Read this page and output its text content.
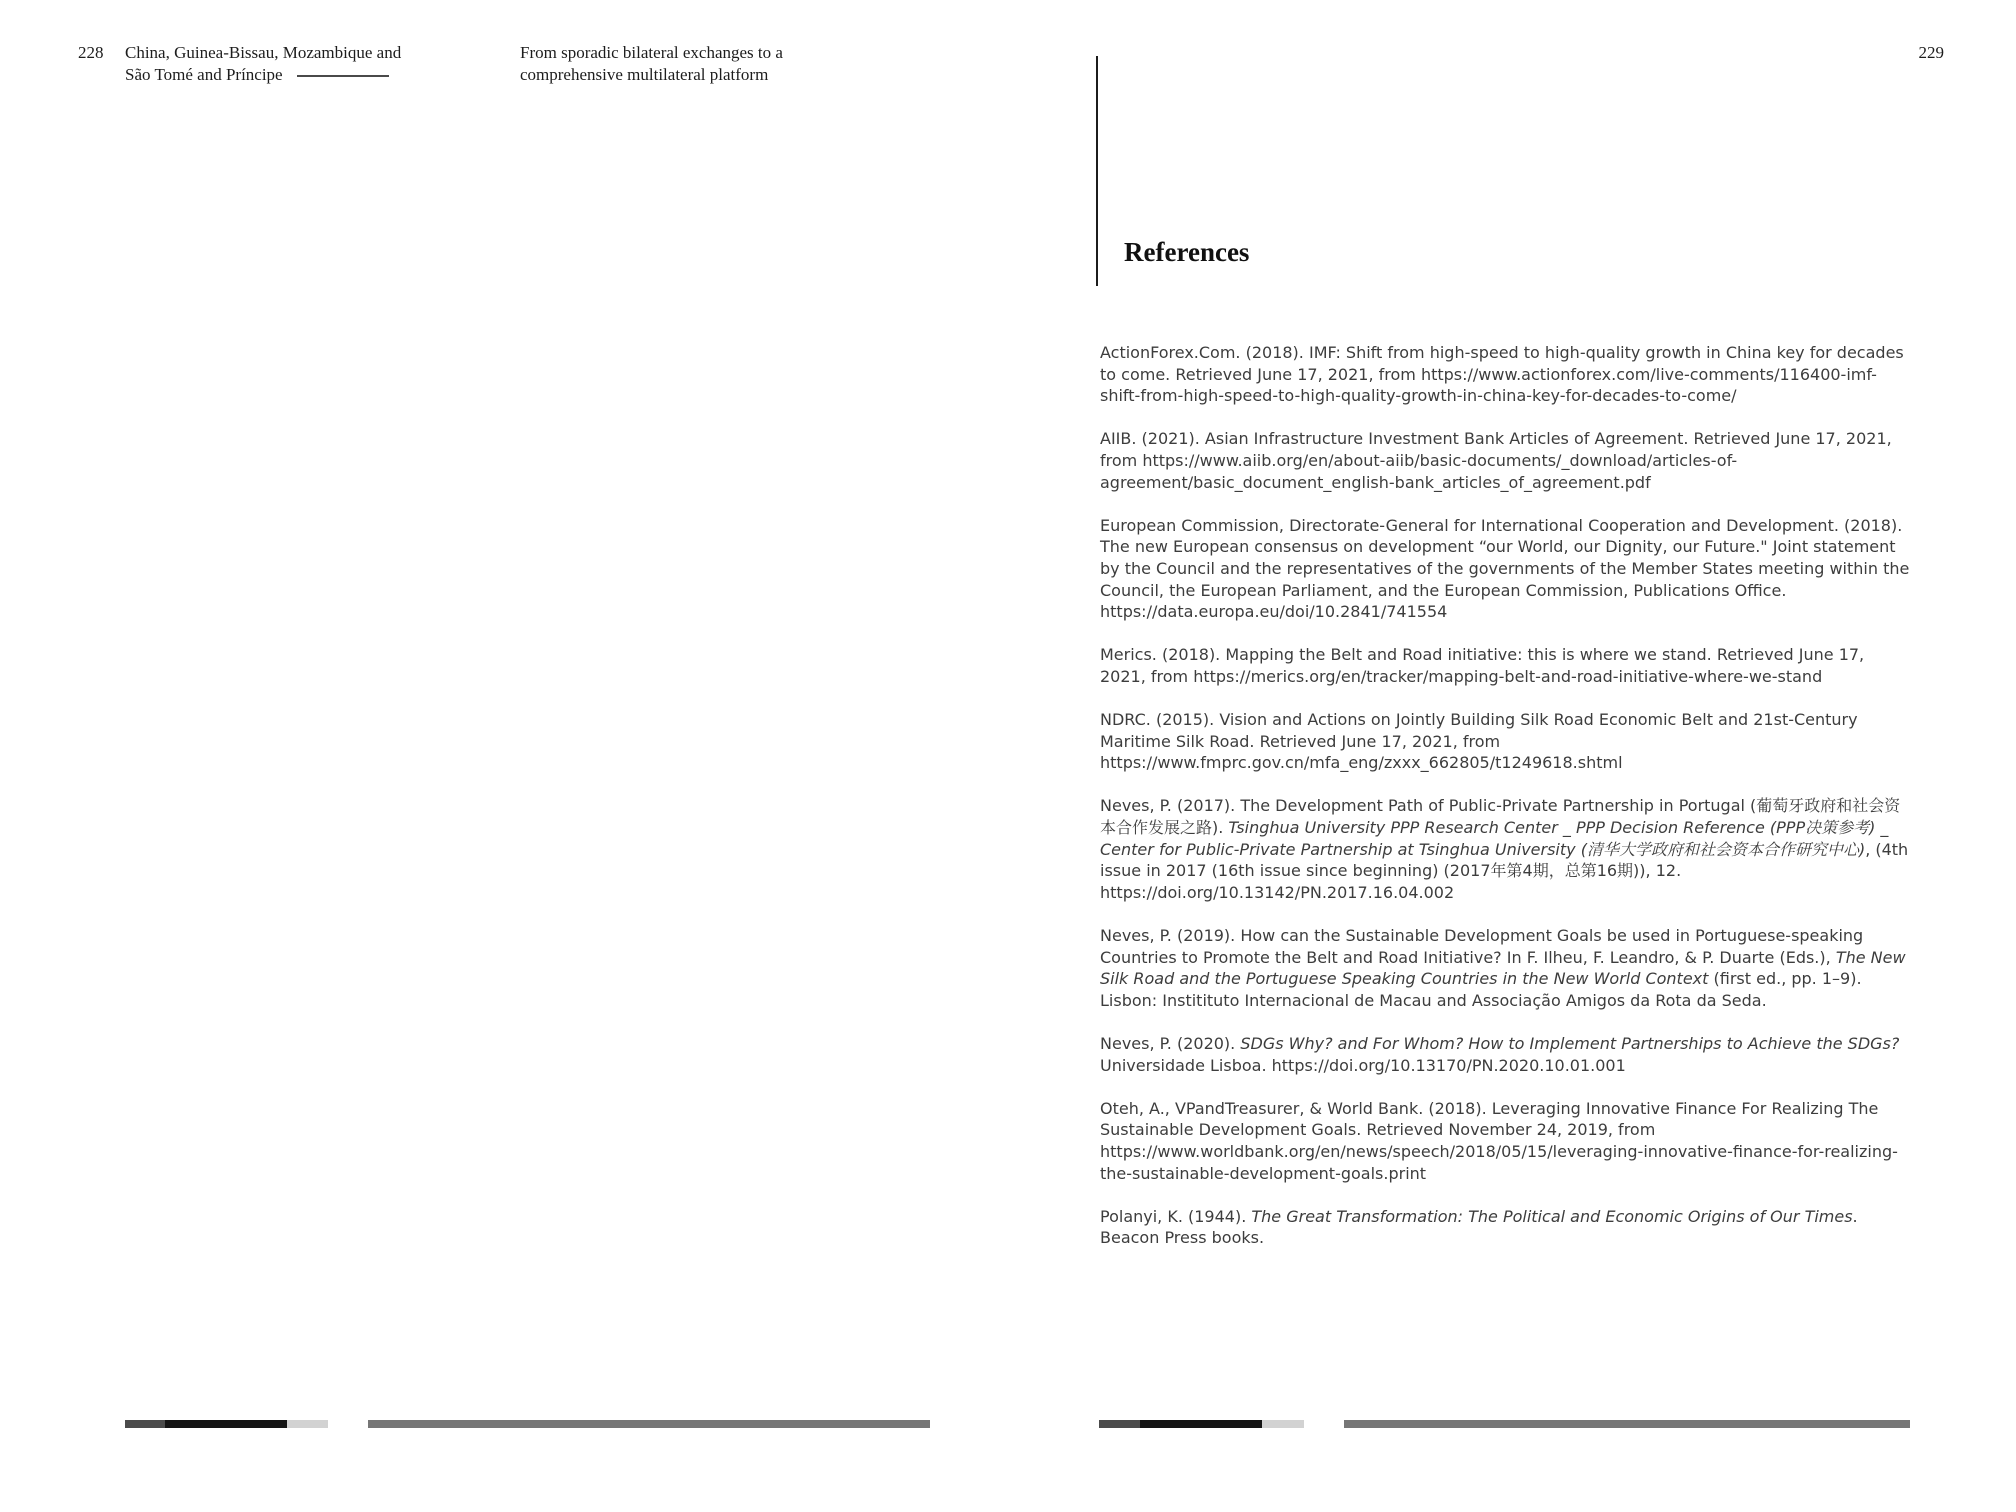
228 China, Guinea-Bissau, Mozambique and
São Tomé and Príncipe
From sporadic bilateral exchanges to a
comprehensive multilateral platform
229
References

ActionForex.Com. (2018). IMF: Shift from high-speed to high-quality growth in China key for decades to come. Retrieved June 17, 2021, from https://www.actionforex.com/live-comments/116400-imf-shift-from-high-speed-to-high-quality-growth-in-china-key-for-decades-to-come/

AIIB. (2021). Asian Infrastructure Investment Bank Articles of Agreement. Retrieved June 17, 2021, from https://www.aiib.org/en/about-aiib/basic-documents/_download/articles-of-agreement/basic_document_english-bank_articles_of_agreement.pdf

European Commission, Directorate-General for International Cooperation and Development. (2018). The new European consensus on development “our World, our Dignity, our Future." Joint statement by the Council and the representatives of the governments of the Member States meeting within the Council, the European Parliament, and the European Commission, Publications Office. https://data.europa.eu/doi/10.2841/741554

Merics. (2018). Mapping the Belt and Road initiative: this is where we stand. Retrieved June 17, 2021, from https://merics.org/en/tracker/mapping-belt-and-road-initiative-where-we-stand

NDRC. (2015). Vision and Actions on Jointly Building Silk Road Economic Belt and 21st-Century Maritime Silk Road. Retrieved June 17, 2021, from https://www.fmprc.gov.cn/mfa_eng/zxxx_662805/t1249618.shtml

Neves, P. (2017). The Development Path of Public-Private Partnership in Portugal (葡萄牙政府和社会资本合作发展之路). Tsinghua University PPP Research Center _ PPP Decision Reference (PPP决策参考) _ Center for Public-Private Partnership at Tsinghua University (清华大学政府和社会资本合作研究中心), (4th issue in 2017 (16th issue since beginning) (2017年第4期，总第16期)), 12. https://doi.org/10.13142/PN.2017.16.04.002

Neves, P. (2019). How can the Sustainable Development Goals be used in Portuguese-speaking Countries to Promote the Belt and Road Initiative? In F. Ilheu, F. Leandro, & P. Duarte (Eds.), The New Silk Road and the Portuguese Speaking Countries in the New World Context (first ed., pp. 1–9). Lisbon: Institituto Internacional de Macau and Associação Amigos da Rota da Seda.

Neves, P. (2020). SDGs Why? and For Whom? How to Implement Partnerships to Achieve the SDGs? Universidade Lisboa. https://doi.org/10.13170/PN.2020.10.01.001

Oteh, A., VPandTreasurer, & World Bank. (2018). Leveraging Innovative Finance For Realizing The Sustainable Development Goals. Retrieved November 24, 2019, from https://www.worldbank.org/en/news/speech/2018/05/15/leveraging-innovative-finance-for-realizing-the-sustainable-development-goals.print

Polanyi, K. (1944). The Great Transformation: The Political and Economic Origins of Our Times. Beacon Press books.
